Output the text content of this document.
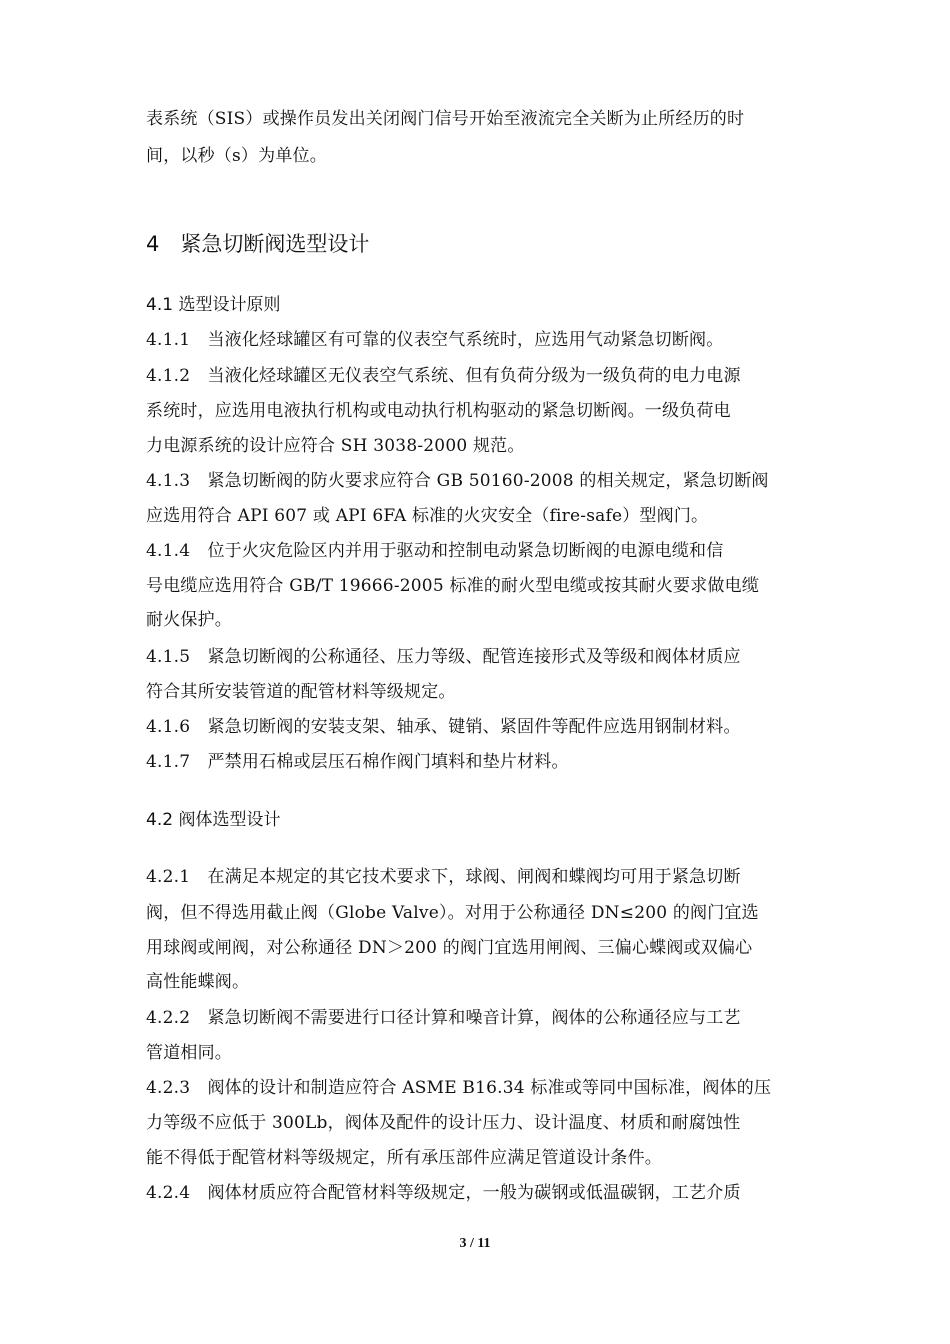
表系统（SIS）或操作员发出关闭阀门信号开始至液流完全关断为止所经历的时
间，以秒（s）为单位。
4　紧急切断阀选型设计
4.1 选型设计原则
4.1.1　当液化烃球罐区有可靠的仪表空气系统时，应选用气动紧急切断阀。
4.1.2　当液化烃球罐区无仪表空气系统、但有负荷分级为一级负荷的电力电源
系统时，应选用电液执行机构或电动执行机构驱动的紧急切断阀。一级负荷电
力电源系统的设计应符合 SH 3038-2000 规范。
4.1.3　紧急切断阀的防火要求应符合 GB 50160-2008 的相关规定，紧急切断阀
应选用符合 API 607 或 API 6FA 标准的火灾安全（fire-safe）型阀门。
4.1.4　位于火灾危险区内并用于驱动和控制电动紧急切断阀的电源电缆和信
号电缆应选用符合 GB/T 19666-2005 标准的耐火型电缆或按其耐火要求做电缆
耐火保护。
4.1.5　紧急切断阀的公称通径、压力等级、配管连接形式及等级和阀体材质应
符合其所安装管道的配管材料等级规定。
4.1.6　紧急切断阀的安装支架、轴承、键销、紧固件等配件应选用钢制材料。
4.1.7　严禁用石棉或层压石棉作阀门填料和垫片材料。
4.2 阀体选型设计
4.2.1　在满足本规定的其它技术要求下，球阀、闸阀和蝶阀均可用于紧急切断
阀，但不得选用截止阀（Globe Valve）。对用于公称通径 DN≤200 的阀门宜选
用球阀或闸阀，对公称通径 DN＞200 的阀门宜选用闸阀、三偏心蝶阀或双偏心
高性能蝶阀。
4.2.2　紧急切断阀不需要进行口径计算和噪音计算，阀体的公称通径应与工艺
管道相同。
4.2.3　阀体的设计和制造应符合 ASME B16.34 标准或等同中国标准，阀体的压
力等级不应低于 300Lb，阀体及配件的设计压力、设计温度、材质和耐腐蚀性
能不得低于配管材料等级规定，所有承压部件应满足管道设计条件。
4.2.4　阀体材质应符合配管材料等级规定，一般为碳钢或低温碳钢，工艺介质
3 / 11
